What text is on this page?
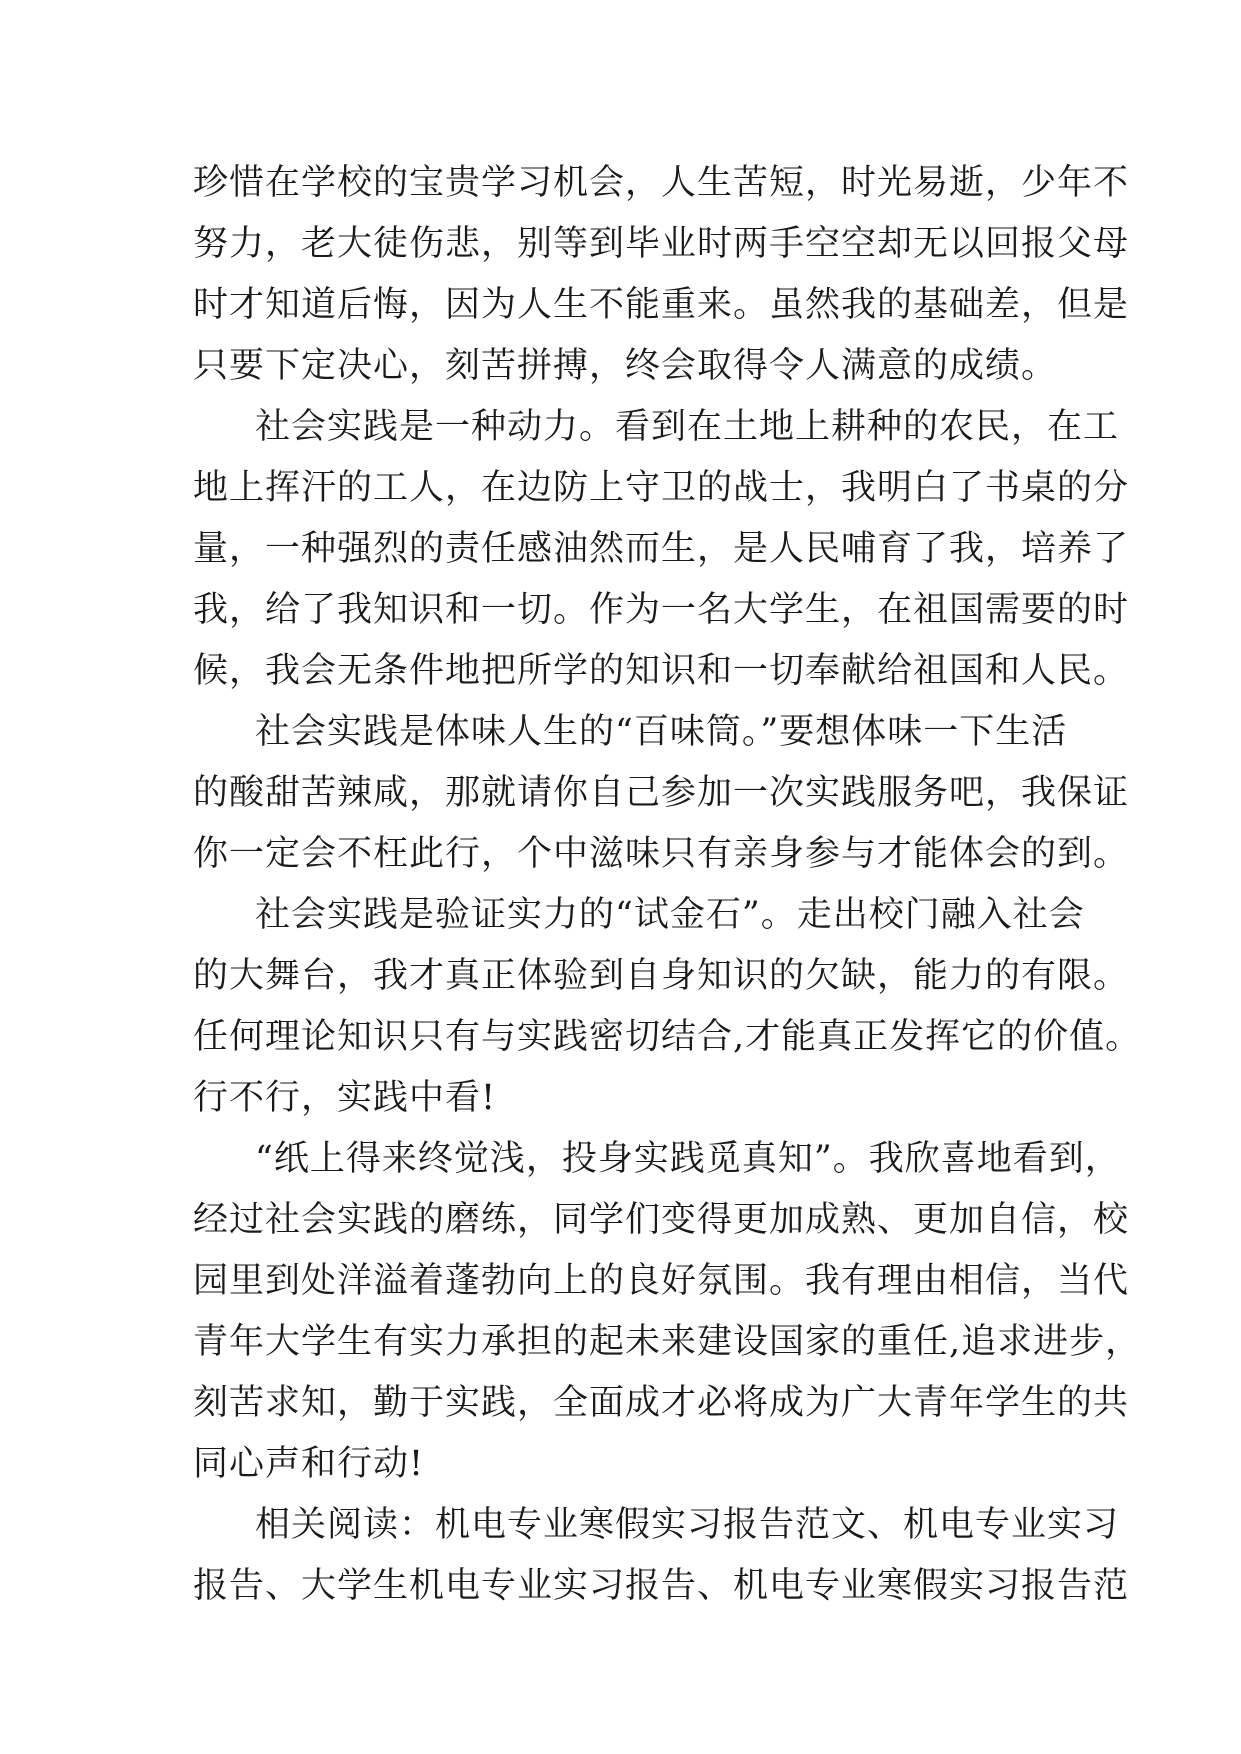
珍惜在学校的宝贵学习机会，人生苦短，时光易逝，少年不
努力，老大徒伤悲，别等到毕业时两手空空却无以回报父母
时才知道后悔，因为人生不能重来。虽然我的基础差，但是
只要下定决心，刻苦拼搏，终会取得令人满意的成绩。
社会实践是一种动力。看到在土地上耕种的农民，在工
地上挥汗的工人，在边防上守卫的战士，我明白了书桌的分
量，一种强烈的责任感油然而生，是人民哺育了我，培养了
我，给了我知识和一切。作为一名大学生，在祖国需要的时
候，我会无条件地把所学的知识和一切奉献给祖国和人民。
社会实践是体味人生的“百味筒。”要想体味一下生活
的酸甜苦辣咸，那就请你自己参加一次实践服务吧，我保证
你一定会不枉此行，个中滋味只有亲身参与才能体会的到。
社会实践是验证实力的“试金石”。走出校门融入社会
的大舞台，我才真正体验到自身知识的欠缺，能力的有限。
任何理论知识只有与实践密切结合,才能真正发挥它的价值。
行不行，实践中看!
“纸上得来终觉浅，投身实践觅真知”。我欣喜地看到，
经过社会实践的磨练，同学们变得更加成熟、更加自信，校
园里到处洋溢着蓬勃向上的良好氛围。我有理由相信，当代
青年大学生有实力承担的起未来建设国家的重任,追求进步，
刻苦求知，勤于实践，全面成才必将成为广大青年学生的共
同心声和行动!
相关阅读：机电专业寒假实习报告范文、机电专业实习
报告、大学生机电专业实习报告、机电专业寒假实习报告范
